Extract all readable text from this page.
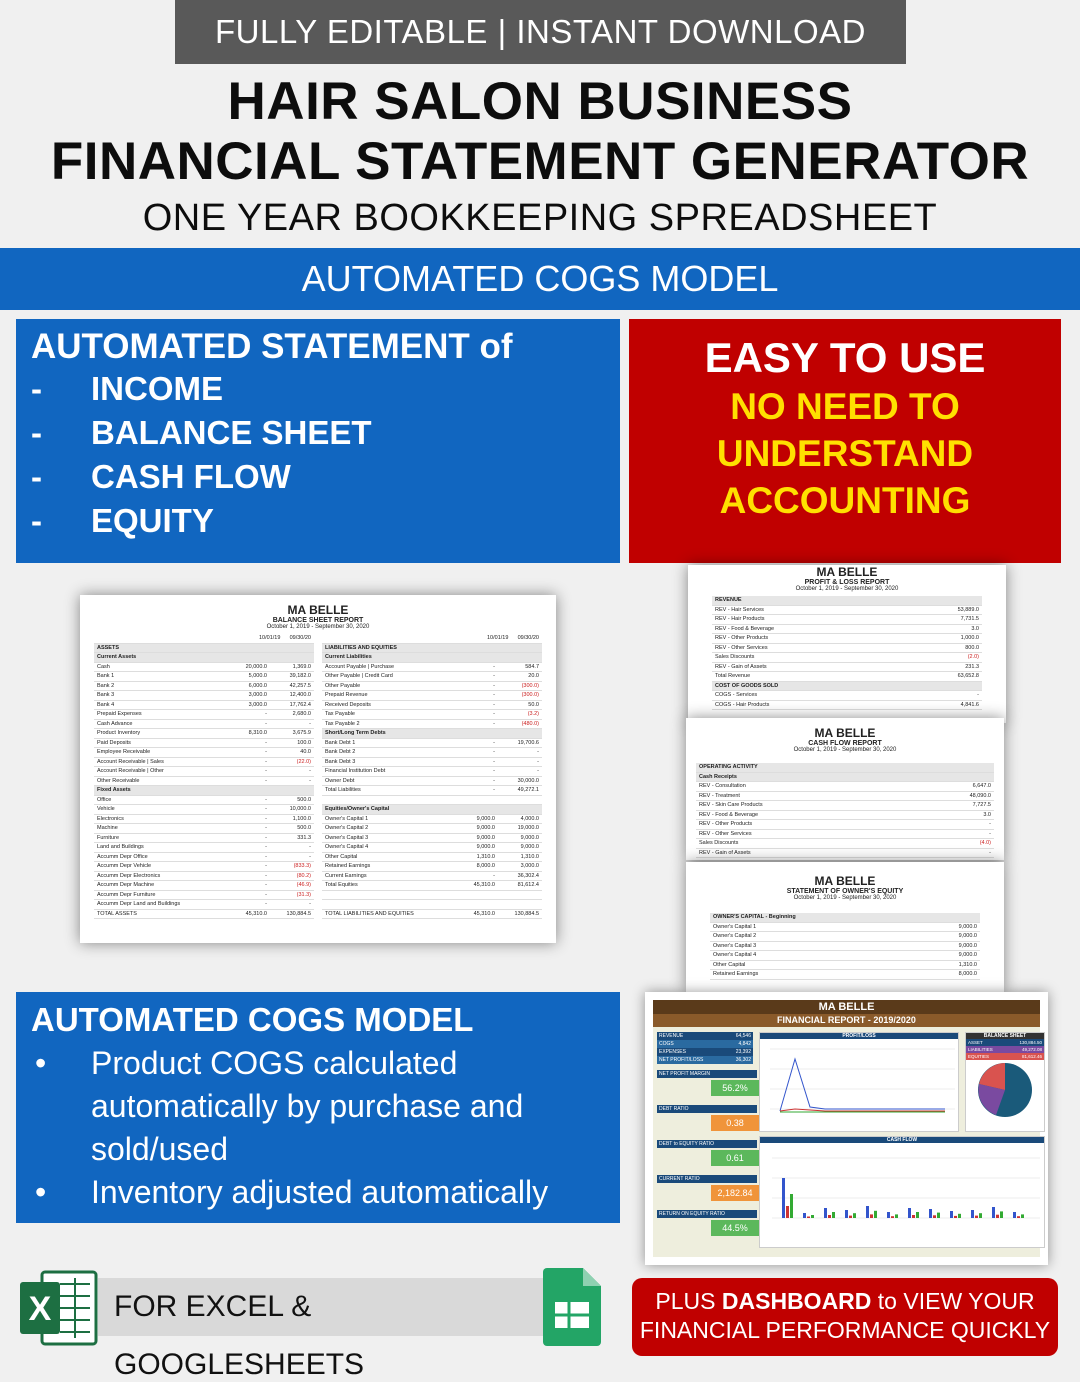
FULLY EDITABLE | INSTANT DOWNLOAD
HAIR SALON BUSINESS
FINANCIAL STATEMENT GENERATOR
ONE YEAR BOOKKEEPING SPREADSHEET
AUTOMATED COGS MODEL
AUTOMATED STATEMENT of
-	INCOME
-	BALANCE SHEET
-	CASH FLOW
-	EQUITY
EASY TO USE
NO NEED TO
UNDERSTAND
ACCOUNTING
MA BELLE
BALANCE SHEET REPORT
October 1, 2019 - September 30, 2020
10/01/19 09/30/20
ASSETS
Current Assets
Cash	20,000.0	1,369.0
Bank 1	5,000.0	39,182.0
Bank 2	6,000.0	42,257.5
Bank 3	3,000.0	12,400.0
Bank 4	3,000.0	17,762.4
Prepaid Expenses	-	2,680.0
Cash Advance	-	-
Product Inventory	8,310.0	3,675.9
Paid Deposits	-	100.0
Employee Receivable	-	40.0
Account Receivable | Sales	-	(22.0)
Account Receivable | Other	-	-
Other Receivable	-	-
Fixed Assets
Office	-	500.0
Vehicle	-	10,000.0
Electronics	-	1,100.0
Machine	-	500.0
Furniture	-	331.3
Land and Buildings	-	-
Accumm Depr Office	-	-
Accumm Depr Vehicle	-	(833.3)
Accumm Depr Electronics	-	(80.2)
Accumm Depr Machine	-	(46.9)
Accumm Depr Furniture	-	(31.3)
Accumm Depr Land and Buildings	-	-
TOTAL ASSETS	45,310.0	130,884.5
10/01/19 09/30/20
LIABILITIES AND EQUITIES
Current Liabilities
Account Payable | Purchase	-	584.7
Other Payable | Credit Card	-	20.0
Other Payable	-	(300.0)
Prepaid Revenue	-	(300.0)
Received Deposits	-	50.0
Tax Payable	-	(3.2)
Tax Payable 2	-	(480.0)
Short/Long Term Debts
Bank Debt 1	-	19,700.6
Bank Debt 2	-	-
Bank Debt 3	-	-
Financial Institution Debt	-	-
Owner Debt	-	30,000.0
Total Liabilities	-	49,272.1
Equities/Owner's Capital
Owner's Capital 1	9,000.0	4,000.0
Owner's Capital 2	9,000.0	19,000.0
Owner's Capital 3	9,000.0	9,000.0
Owner's Capital 4	9,000.0	9,000.0
Other Capital	1,310.0	1,310.0
Retained Earnings	8,000.0	3,000.0
Current Earnings	-	36,302.4
Total Equities	45,310.0	81,612.4
TOTAL LIABILITIES AND EQUITIES	45,310.0	130,884.5
MA BELLE
PROFIT & LOSS REPORT
October 1, 2019 - September 30, 2020
REVENUE
REV - Hair Services	53,889.0
REV - Hair Products	7,731.5
REV - Food & Beverage	3.0
REV - Other Products	1,000.0
REV - Other Services	800.0
Sales Discounts	(2.0)
REV - Gain of Assets	231.3
Total Revenue	63,652.8
COST OF GOODS SOLD
COGS - Services	-
COGS - Hair Products	4,841.6
MA BELLE
CASH FLOW REPORT
October 1, 2019 - September 30, 2020
OPERATING ACTIVITY
Cash Receipts
REV - Consultation	6,647.0
REV - Treatment	48,090.0
REV - Skin Care Products	7,727.5
REV - Food & Beverage	3.0
REV - Other Products	-
REV - Other Services	-
Sales Discounts	(4.0)
REV - Gain of Assets	-
MA BELLE
STATEMENT OF OWNER'S EQUITY
October 1, 2019 - September 30, 2020
OWNER'S CAPITAL - Beginning
Owner's Capital 1	9,000.0
Owner's Capital 2	9,000.0
Owner's Capital 3	9,000.0
Owner's Capital 4	9,000.0
Other Capital	1,310.0
Retained Earnings	8,000.0
AUTOMATED COGS MODEL
•	Product COGS calculated automatically by purchase and sold/used
•	Inventory adjusted automatically
MA BELLE
FINANCIAL REPORT - 2019/2020
REVENUE	64,546
COGS	4,842
EXPENSES	23,392
NET PROFIT/LOSS	36,302
NET PROFIT MARGIN
56.2%
DEBT RATIO
0.38
DEBT to EQUITY RATIO
0.61
CURRENT RATIO
2,182.84
RETURN ON EQUITY RATIO
44.5%
PROFIT/LOSS	BALANCE SHEET
ASSET	130,884.50
LIABILITIES	49,272.08
EQUITIES	81,612.46
CASH FLOW
X	FOR EXCEL & GOOGLESHEETS
PLUS DASHBOARD to VIEW YOUR
FINANCIAL PERFORMANCE QUICKLY
